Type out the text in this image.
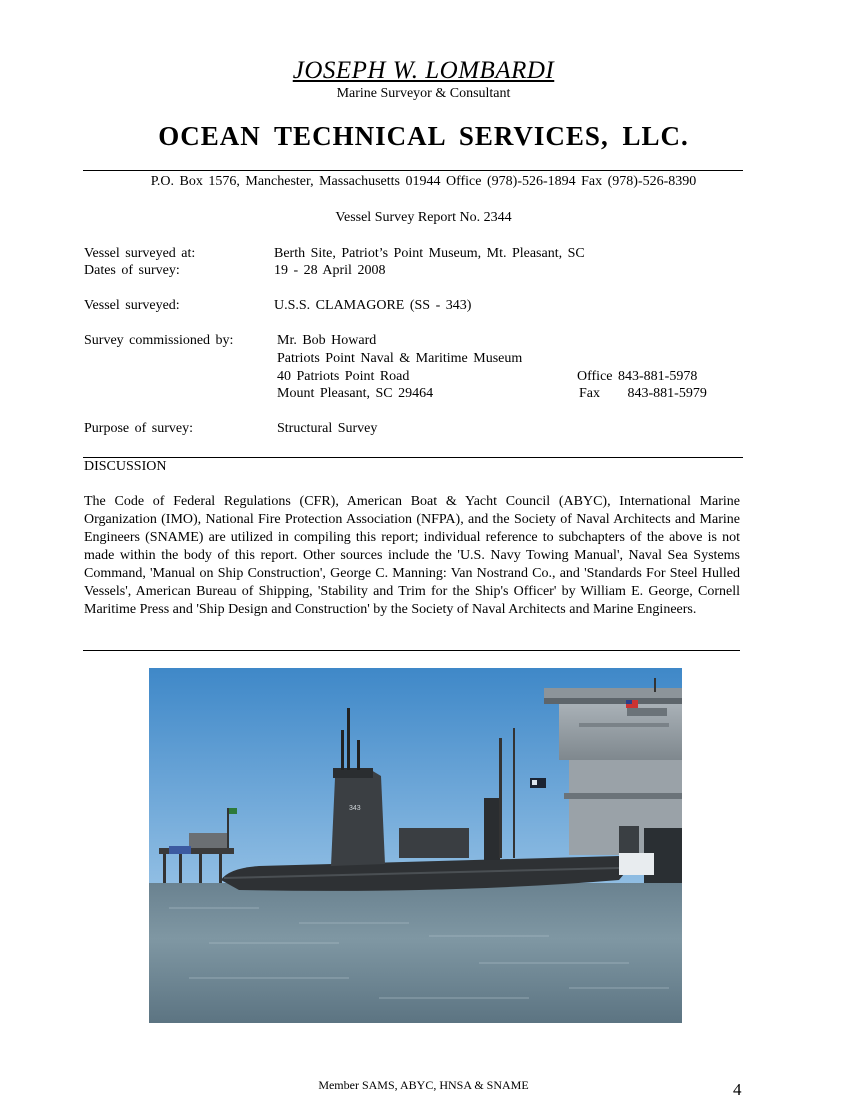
JOSEPH W. LOMBARDI
Marine Surveyor & Consultant
OCEAN TECHNICAL SERVICES, LLC.
P.O. Box 1576, Manchester, Massachusetts 01944 Office (978)-526-1894 Fax (978)-526-8390
Vessel Survey Report No. 2344
Vessel surveyed at:	Berth Site, Patriot’s Point Museum, Mt. Pleasant, SC
Dates of survey:	19 - 28 April 2008
Vessel surveyed:	U.S.S. CLAMAGORE (SS - 343)
Survey commissioned by:	Mr. Bob Howard
Patriots Point Naval & Maritime Museum
40 Patriots Point Road
Mount Pleasant, SC 29464
Office 843-881-5978
Fax     843-881-5979
Purpose of survey:	Structural Survey
DISCUSSION
The Code of Federal Regulations (CFR), American Boat & Yacht Council (ABYC), International Marine Organization (IMO), National Fire Protection Association (NFPA), and the Society of Naval Architects and Marine Engineers (SNAME) are utilized in compiling this report; individual reference to subchapters of the above is not made within the body of this report. Other sources include the 'U.S. Navy Towing Manual', Naval Sea Systems Command, 'Manual on Ship Construction', George C. Manning: Van Nostrand Co., and 'Standards For Steel Hulled Vessels', American Bureau of Shipping, 'Stability and Trim for the Ship's Officer' by William E. George, Cornell Maritime Press and 'Ship Design and Construction' by the Society of Naval Architects and Marine Engineers.
343
Member SAMS, ABYC, HNSA & SNAME	4
